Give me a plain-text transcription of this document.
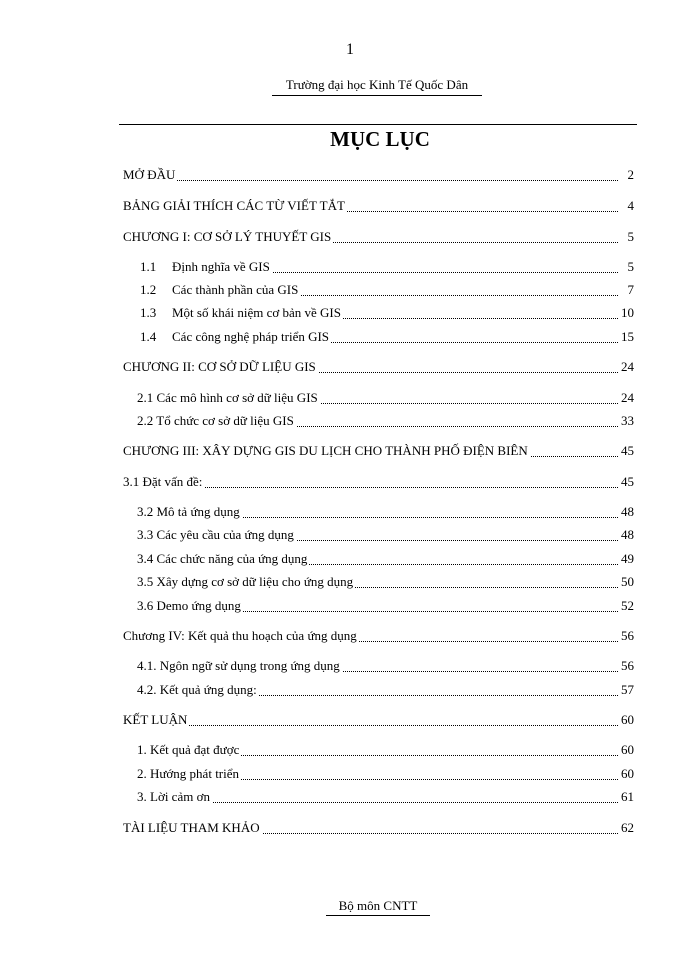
1
Trường đại học Kinh Tế Quốc Dân
MỤC LỤC
MỞ ĐẦU	2
BẢNG GIẢI THÍCH CÁC TỪ VIẾT TẮT	4
CHƯƠNG I: CƠ SỞ LÝ THUYẾT GIS	5
1.1 Định nghĩa về GIS	5
1.2 Các thành phần của GIS	7
1.3 Một số khái niệm cơ bản về GIS	10
1.4 Các công nghệ pháp triển GIS	15
CHƯƠNG II: CƠ SỞ DỮ LIỆU GIS	24
2.1 Các mô hình cơ sở dữ liệu GIS	24
2.2 Tổ chức cơ sở dữ liệu GIS	33
CHƯƠNG III: XÂY DỰNG GIS DU LỊCH CHO THÀNH PHỐ ĐIỆN BIÊN	45
3.1 Đặt vấn đề:	45
3.2 Mô tả ứng dụng	48
3.3 Các yêu cầu của ứng dụng	48
3.4 Các chức năng của ứng dụng	49
3.5 Xây dựng cơ sở dữ liệu cho ứng dụng	50
3.6 Demo ứng dụng	52
Chương IV: Kết quả thu hoạch của ứng dụng	56
4.1. Ngôn ngữ sử dụng trong ứng dụng	56
4.2. Kết quả ứng dụng:	57
KẾT LUẬN	60
1. Kết quả đạt được	60
2. Hướng phát triển	60
3. Lời cảm ơn	61
TÀI LIỆU THAM KHẢO	62
Bộ môn CNTT
